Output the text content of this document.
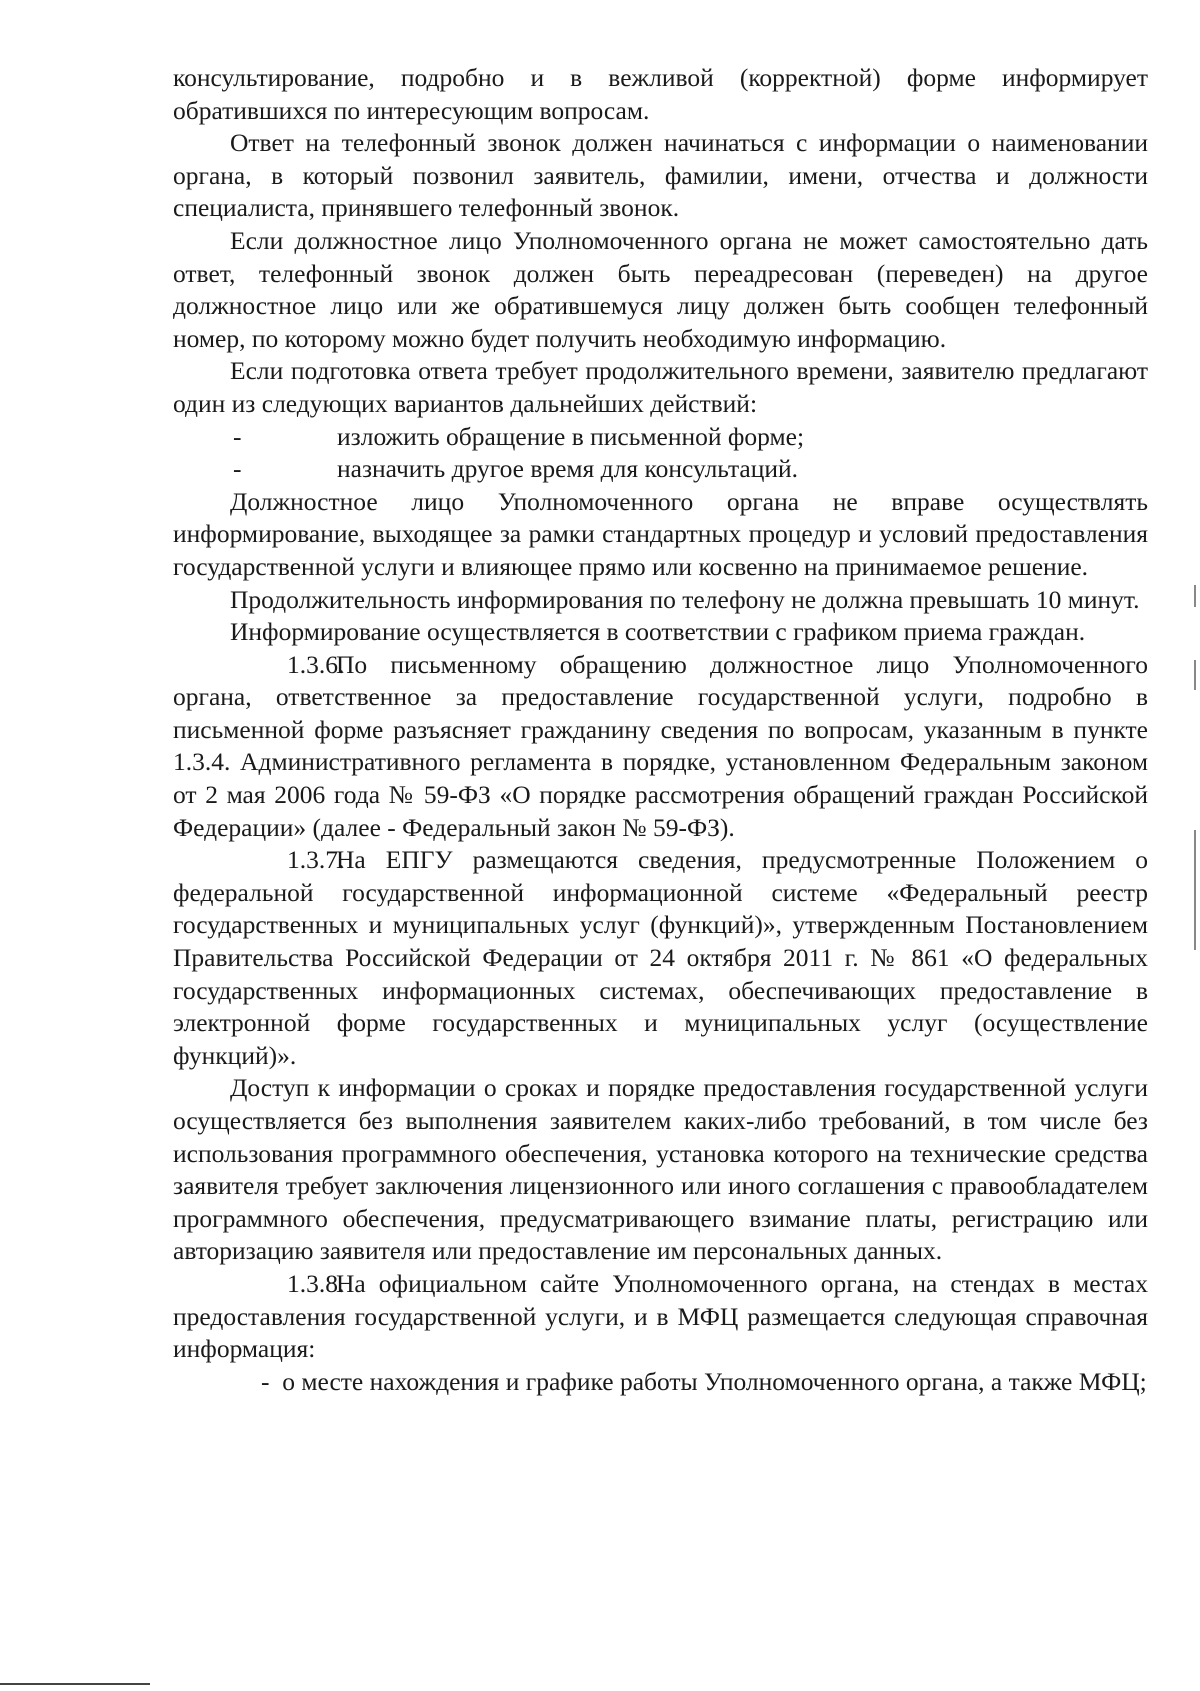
консультирование, подробно и в вежливой (корректной) форме информирует обратившихся по интересующим вопросам.

Ответ на телефонный звонок должен начинаться с информации о наименовании органа, в который позвонил заявитель, фамилии, имени, отчества и должности специалиста, принявшего телефонный звонок.

Если должностное лицо Уполномоченного органа не может самостоятельно дать ответ, телефонный звонок должен быть переадресован (переведен) на другое должностное лицо или же обратившемуся лицу должен быть сообщен телефонный номер, по которому можно будет получить необходимую информацию.

Если подготовка ответа требует продолжительного времени, заявителю предлагают один из следующих вариантов дальнейших действий:

-	изложить обращение в письменной форме;

-	назначить другое время для консультаций.

Должностное лицо Уполномоченного органа не вправе осуществлять информирование, выходящее за рамки стандартных процедур и условий предоставления государственной услуги и влияющее прямо или косвенно на принимаемое решение.

Продолжительность информирования по телефону не должна превышать 10 минут.

Информирование осуществляется в соответствии с графиком приема граждан.

1.3.6.По письменному обращению должностное лицо Уполномоченного органа, ответственное за предоставление государственной услуги, подробно в письменной форме разъясняет гражданину сведения по вопросам, указанным в пункте 1.3.4. Административного регламента в порядке, установленном Федеральным законом от 2 мая 2006 года № 59-ФЗ «О порядке рассмотрения обращений граждан Российской Федерации» (далее - Федеральный закон № 59-ФЗ).

1.3.7.На ЕПГУ размещаются сведения, предусмотренные Положением о федеральной государственной информационной системе «Федеральный реестр государственных и муниципальных услуг (функций)», утвержденным Постановлением Правительства Российской Федерации от 24 октября 2011 г. № 861 «О федеральных государственных информационных системах, обеспечивающих предоставление в электронной форме государственных и муниципальных услуг (осуществление функций)».

Доступ к информации о сроках и порядке предоставления государственной услуги осуществляется без выполнения заявителем каких-либо требований, в том числе без использования программного обеспечения, установка которого на технические средства заявителя требует заключения лицензионного или иного соглашения с правообладателем программного обеспечения, предусматривающего взимание платы, регистрацию или авторизацию заявителя или предоставление им персональных данных.

1.3.8.На официальном сайте Уполномоченного органа, на стендах в местах предоставления государственной услуги, и в МФЦ размещается следующая справочная информация:

- о месте нахождения и графике работы Уполномоченного органа, а также МФЦ;
